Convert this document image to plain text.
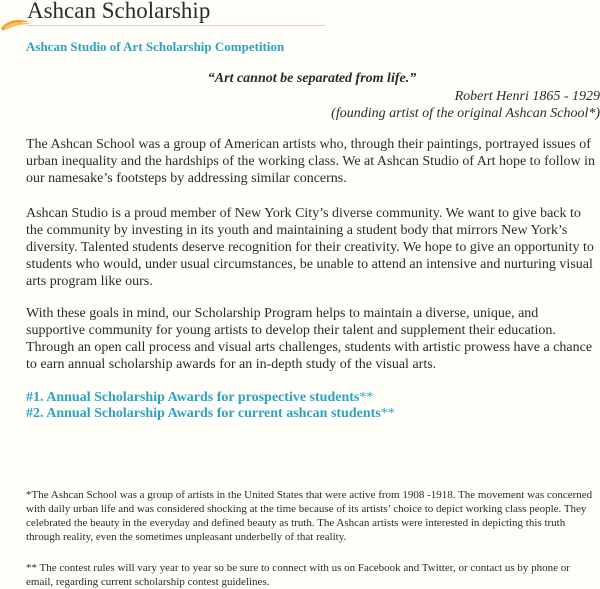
Ashcan Scholarship
Ashcan Studio of Art Scholarship Competition
“Art cannot be separated from life.”
Robert Henri 1865 - 1929
(founding artist of the original Ashcan School*)

The Ashcan School was a group of American artists who, through their paintings, portrayed issues of urban inequality and the hardships of the working class. We at Ashcan Studio of Art hope to follow in our namesake’s footsteps by addressing similar concerns.

Ashcan Studio is a proud member of New York City’s diverse community. We want to give back to the community by investing in its youth and maintaining a student body that mirrors New York’s diversity. Talented students deserve recognition for their creativity. We hope to give an opportunity to students who would, under usual circumstances, be unable to attend an intensive and nurturing visual arts program like ours.

With these goals in mind, our Scholarship Program helps to maintain a diverse, unique, and supportive community for young artists to develop their talent and supplement their education. Through an open call process and visual arts challenges, students with artistic prowess have a chance to earn annual scholarship awards for an in-depth study of the visual arts.

#1. Annual Scholarship Awards for prospective students**
#2. Annual Scholarship Awards for current ashcan students**

*The Ashcan School was a group of artists in the United States that were active from 1908 -1918. The movement was concerned with daily urban life and was considered shocking at the time because of its artists’ choice to depict working class people. They celebrated the beauty in the everyday and defined beauty as truth. The Ashcan artists were interested in depicting this truth through reality, even the sometimes unpleasant underbelly of that reality.

** The contest rules will vary year to year so be sure to connect with us on Facebook and Twitter, or contact us by phone or email, regarding current scholarship contest guidelines.
